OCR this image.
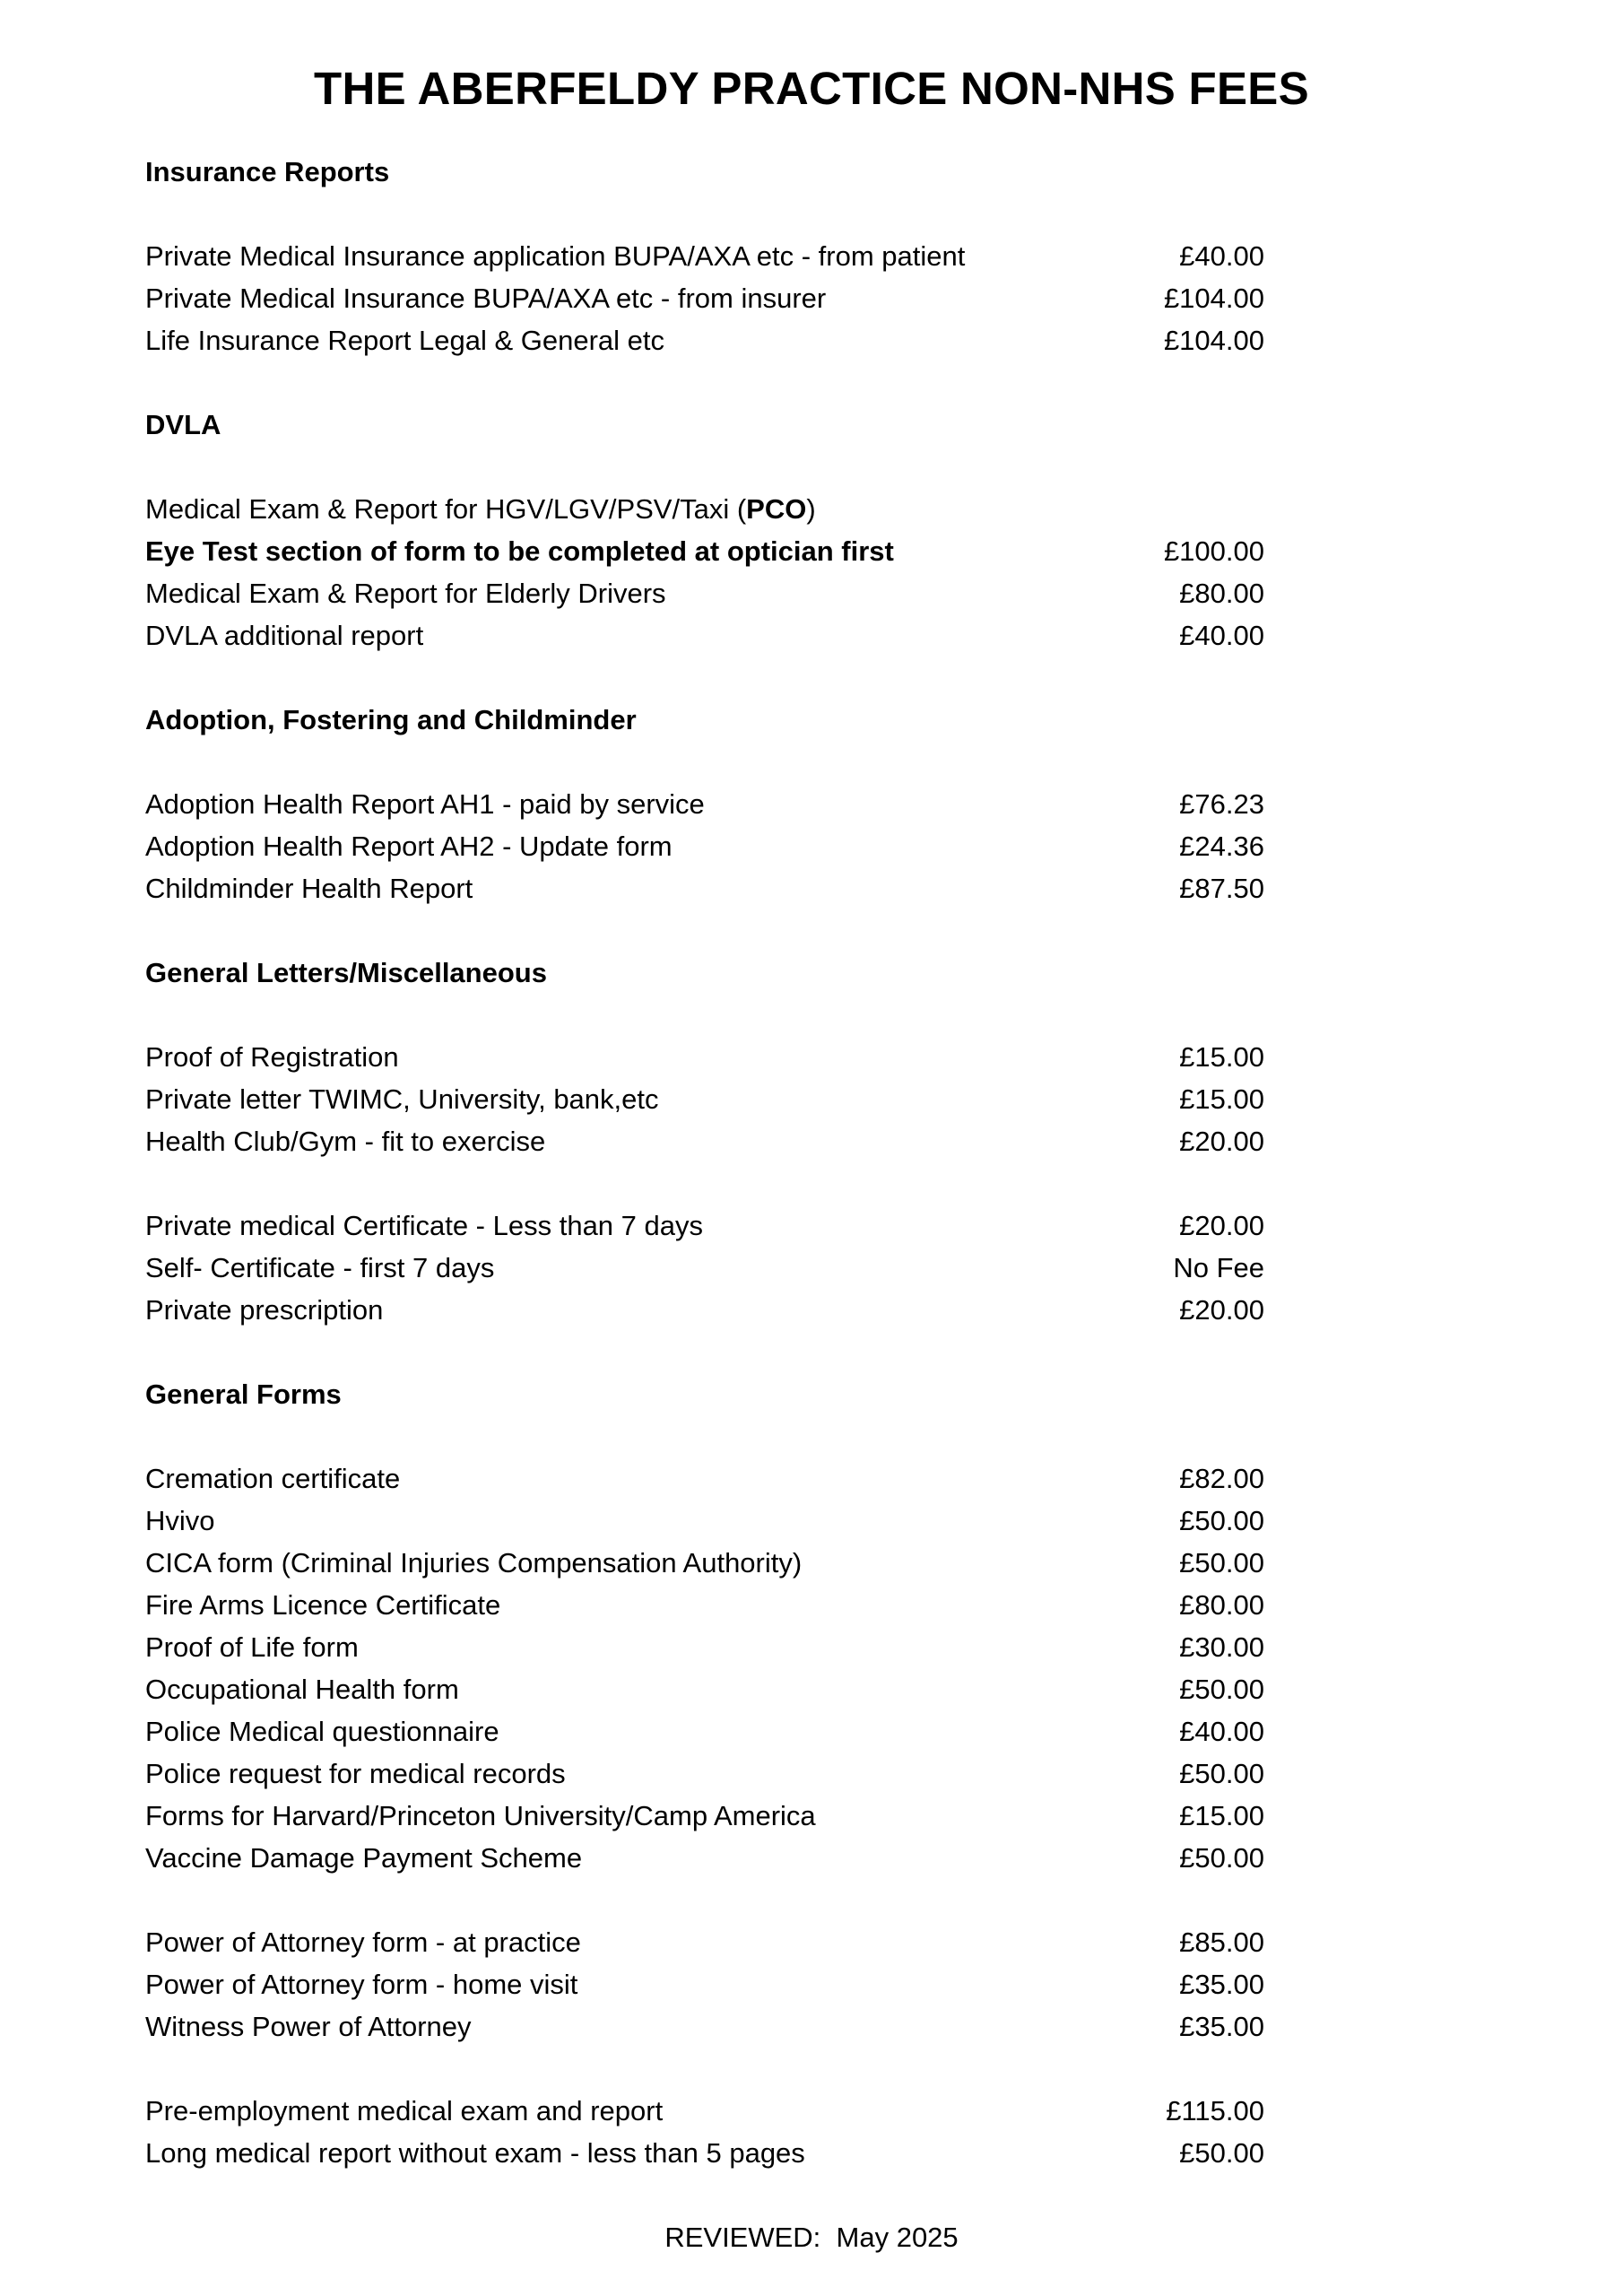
THE ABERFELDY PRACTICE NON-NHS FEES
Insurance Reports
Private Medical Insurance application BUPA/AXA etc - from patient	£40.00
Private Medical Insurance BUPA/AXA etc - from insurer	£104.00
Life Insurance Report Legal & General etc	£104.00
DVLA
Medical Exam & Report for HGV/LGV/PSV/Taxi (PCO)
Eye Test section of form to be completed at optician first	£100.00
Medical Exam & Report for Elderly Drivers	£80.00
DVLA additional report	£40.00
Adoption, Fostering and Childminder
Adoption Health Report AH1 - paid by service	£76.23
Adoption Health Report AH2 - Update form	£24.36
Childminder Health Report	£87.50
General Letters/Miscellaneous
Proof of Registration	£15.00
Private letter TWIMC, University, bank,etc	£15.00
Health Club/Gym - fit to exercise	£20.00
Private medical Certificate - Less than 7 days	£20.00
Self- Certificate - first 7 days	No Fee
Private prescription	£20.00
General Forms
Cremation certificate	£82.00
Hvivo	£50.00
CICA form (Criminal Injuries Compensation Authority)	£50.00
Fire Arms Licence Certificate	£80.00
Proof of Life form	£30.00
Occupational Health form	£50.00
Police Medical questionnaire	£40.00
Police request for medical records	£50.00
Forms for Harvard/Princeton University/Camp America	£15.00
Vaccine Damage Payment Scheme	£50.00
Power of Attorney form - at practice	£85.00
Power of Attorney form - home visit	£35.00
Witness Power of Attorney	£35.00
Pre-employment medical exam and report	£115.00
Long medical report without exam - less than 5 pages	£50.00
REVIEWED:  May 2025
